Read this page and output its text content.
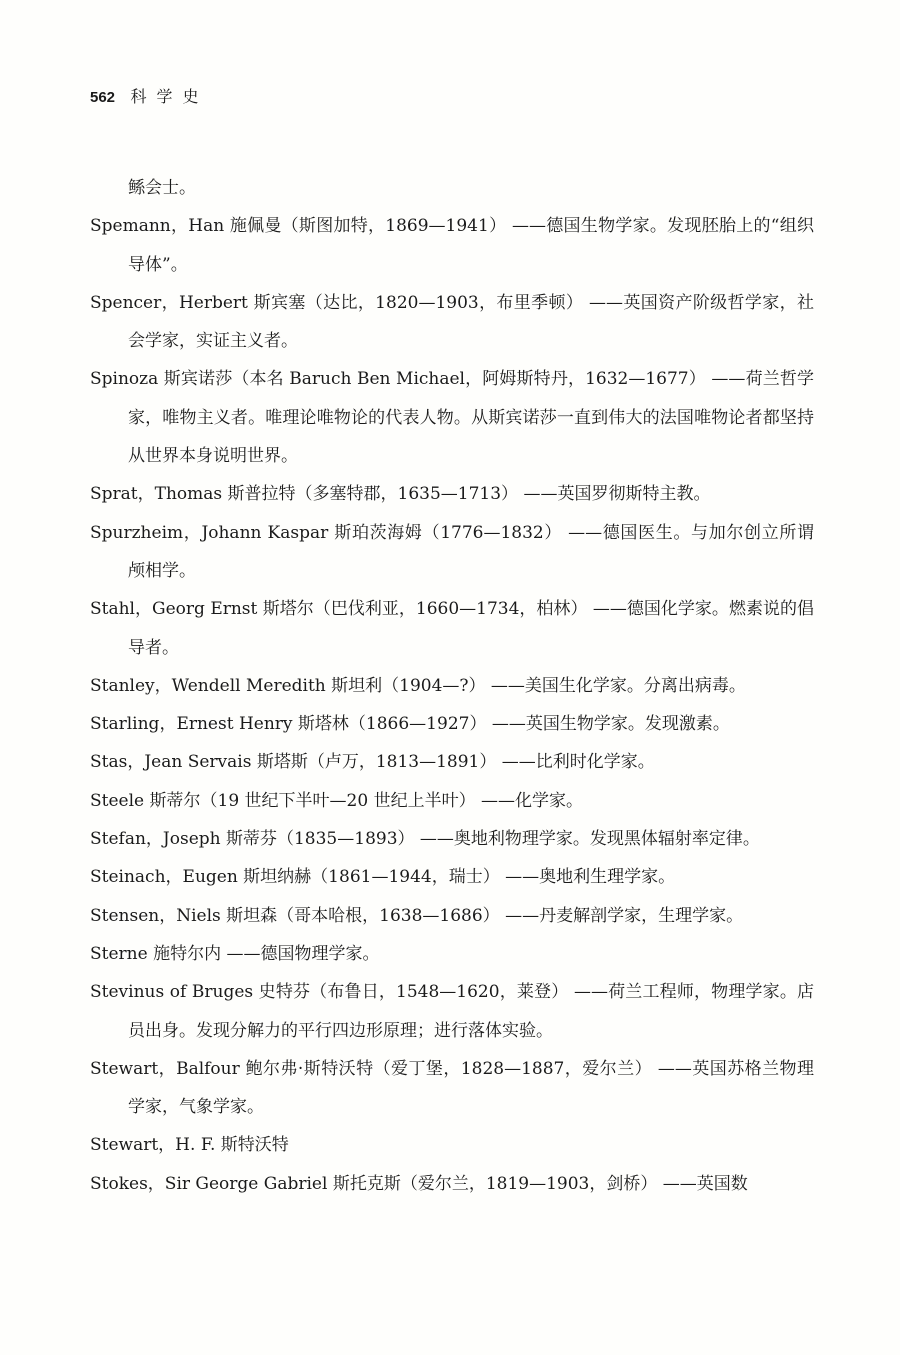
562 科学史

鲧会士。

Spemann，Han 施佩曼（斯图加特，1869—1941） ——德国生物学家。发现胚胎上的“组织导体”。

Spencer，Herbert 斯宾塞（达比，1820—1903，布里季顿） ——英国资产阶级哲学家，社会学家，实证主义者。

Spinoza 斯宾诺莎（本名 Baruch Ben Michael，阿姆斯特丹，1632—1677） ——荷兰哲学家，唯物主义者。唯理论唯物论的代表人物。从斯宾诺莎一直到伟大的法国唯物论者都坚持从世界本身说明世界。

Sprat，Thomas 斯普拉特（多塞特郡，1635—1713） ——英国罗彻斯特主教。

Spurzheim，Johann Kaspar 斯珀茨海姆（1776—1832） ——德国医生。与加尔创立所谓颅相学。

Stahl，Georg Ernst 斯塔尔（巴伐利亚，1660—1734，柏林） ——德国化学家。燃素说的倡导者。

Stanley，Wendell Meredith 斯坦利（1904—?） ——美国生化学家。分离出病毒。

Starling，Ernest Henry 斯塔林（1866—1927） ——英国生物学家。发现激素。

Stas，Jean Servais 斯塔斯（卢万，1813—1891） ——比利时化学家。

Steele 斯蒂尔（19 世纪下半叶—20 世纪上半叶） ——化学家。

Stefan，Joseph 斯蒂芬（1835—1893） ——奥地利物理学家。发现黑体辐射率定律。

Steinach，Eugen 斯坦纳赫（1861—1944，瑞士） ——奥地利生理学家。

Stensen，Niels 斯坦森（哥本哈根，1638—1686） ——丹麦解剖学家，生理学家。

Sterne 施特尔内 ——德国物理学家。

Stevinus of Bruges 史特芬（布鲁日，1548—1620，莱登） ——荷兰工程师，物理学家。店员出身。发现分解力的平行四边形原理；进行落体实验。

Stewart，Balfour 鲍尔弗·斯特沃特（爱丁堡，1828—1887，爱尔兰） ——英国苏格兰物理学家，气象学家。

Stewart，H. F. 斯特沃特

Stokes，Sir George Gabriel 斯托克斯（爱尔兰，1819—1903，剑桥） ——英国数
